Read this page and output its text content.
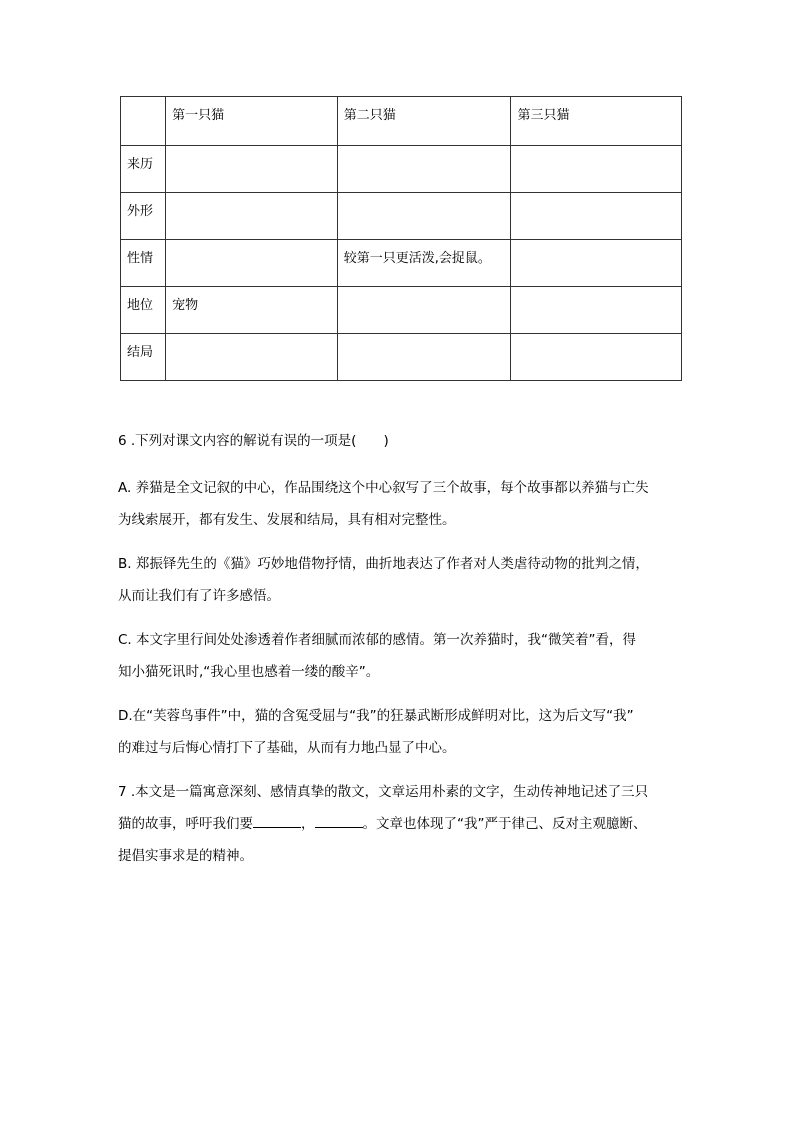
	第一只猫	第二只猫	第三只猫
来历			
外形			
性情		较第一只更活泼,会捉鼠。	
地位	宠物		
结局			
6 .下列对课文内容的解说有误的一项是(　　)
A. 养猫是全文记叙的中心，作品围绕这个中心叙写了三个故事，每个故事都以养猫与亡失
为线索展开，都有发生、发展和结局，具有相对完整性。
B. 郑振铎先生的《猫》巧妙地借物抒情，曲折地表达了作者对人类虐待动物的批判之情，
从而让我们有了许多感悟。
C. 本文字里行间处处渗透着作者细腻而浓郁的感情。第一次养猫时，我“微笑着”看，得
知小猫死讯时,“我心里也感着一缕的酸辛”。
D.在“芙蓉鸟事件”中，猫的含冤受屈与“我”的狂暴武断形成鲜明对比，这为后文写“我”
的难过与后悔心情打下了基础，从而有力地凸显了中心。
7 .本文是一篇寓意深刻、感情真挚的散文，文章运用朴素的文字，生动传神地记述了三只
猫的故事，呼吁我们要	，	。文章也体现了“我”严于律己、反对主观臆断、
提倡实事求是的精神。
